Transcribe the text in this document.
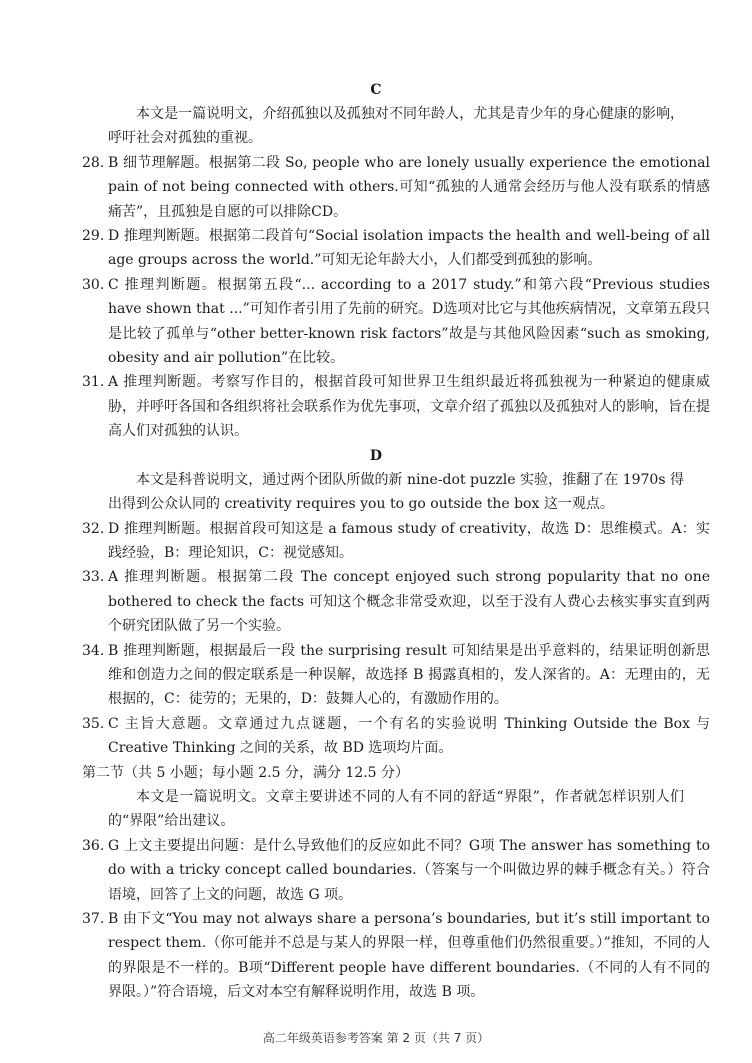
C
本文是一篇说明文，介绍孤独以及孤独对不同年龄人，尤其是青少年的身心健康的影响，呼吁社会对孤独的重视。
28. B 细节理解题。根据第二段 So, people who are lonely usually experience the emotional pain of not being connected with others.可知“孤独的人通常会经历与他人没有联系的情感痛苦”，且孤独是自愿的可以排除CD。
29. D 推理判断题。根据第二段首句“Social isolation impacts the health and well-being of all age groups across the world.”可知无论年龄大小，人们都受到孤独的影响。
30. C 推理判断题。根据第五段“... according to a 2017 study.”和第六段“Previous studies have shown that ...”可知作者引用了先前的研究。D选项对比它与其他疾病情况，文章第五段只是比较了孤单与“other better-known risk factors”故是与其他风险因素“such as smoking, obesity and air pollution”在比较。
31. A 推理判断题。考察写作目的，根据首段可知世界卫生组织最近将孤独视为一种紧迫的健康威胁，并呼吁各国和各组织将社会联系作为优先事项，文章介绍了孤独以及孤独对人的影响，旨在提高人们对孤独的认识。
D
本文是科普说明文，通过两个团队所做的新 nine-dot puzzle 实验，推翻了在 1970s 得出得到公众认同的 creativity requires you to go outside the box 这一观点。
32. D 推理判断题。根据首段可知这是 a famous study of creativity，故选 D：思维模式。A：实践经验，B：理论知识，C：视觉感知。
33. A 推理判断题。根据第二段 The concept enjoyed such strong popularity that no one bothered to check the facts 可知这个概念非常受欢迎，以至于没有人费心去核实事实直到两个研究团队做了另一个实验。
34. B 推理判断题，根据最后一段 the surprising result 可知结果是出乎意料的，结果证明创新思维和创造力之间的假定联系是一种误解，故选择 B 揭露真相的，发人深省的。A：无理由的，无根据的，C：徒劳的；无果的，D：鼓舞人心的，有激励作用的。
35. C 主旨大意题。文章通过九点谜题，一个有名的实验说明 Thinking Outside the Box 与 Creative Thinking 之间的关系，故 BD 选项均片面。
第二节（共 5 小题；每小题 2.5 分，满分 12.5 分）
本文是一篇说明文。文章主要讲述不同的人有不同的舒适“界限”，作者就怎样识别人们的“界限”给出建议。
36. G 上文主要提出问题：是什么导致他们的反应如此不同？G项 The answer has something to do with a tricky concept called boundaries.（答案与一个叫做边界的棘手概念有关。）符合语境，回答了上文的问题，故选 G 项。
37. B 由下文“You may not always share a persona’s boundaries, but it’s still important to respect them.（你可能并不总是与某人的界限一样，但尊重他们仍然很重要。）”推知，不同的人的界限是不一样的。B项“Different people have different boundaries.（不同的人有不同的界限。）”符合语境，后文对本空有解释说明作用，故选 B 项。
高二年级英语参考答案 第 2 页（共 7 页）
